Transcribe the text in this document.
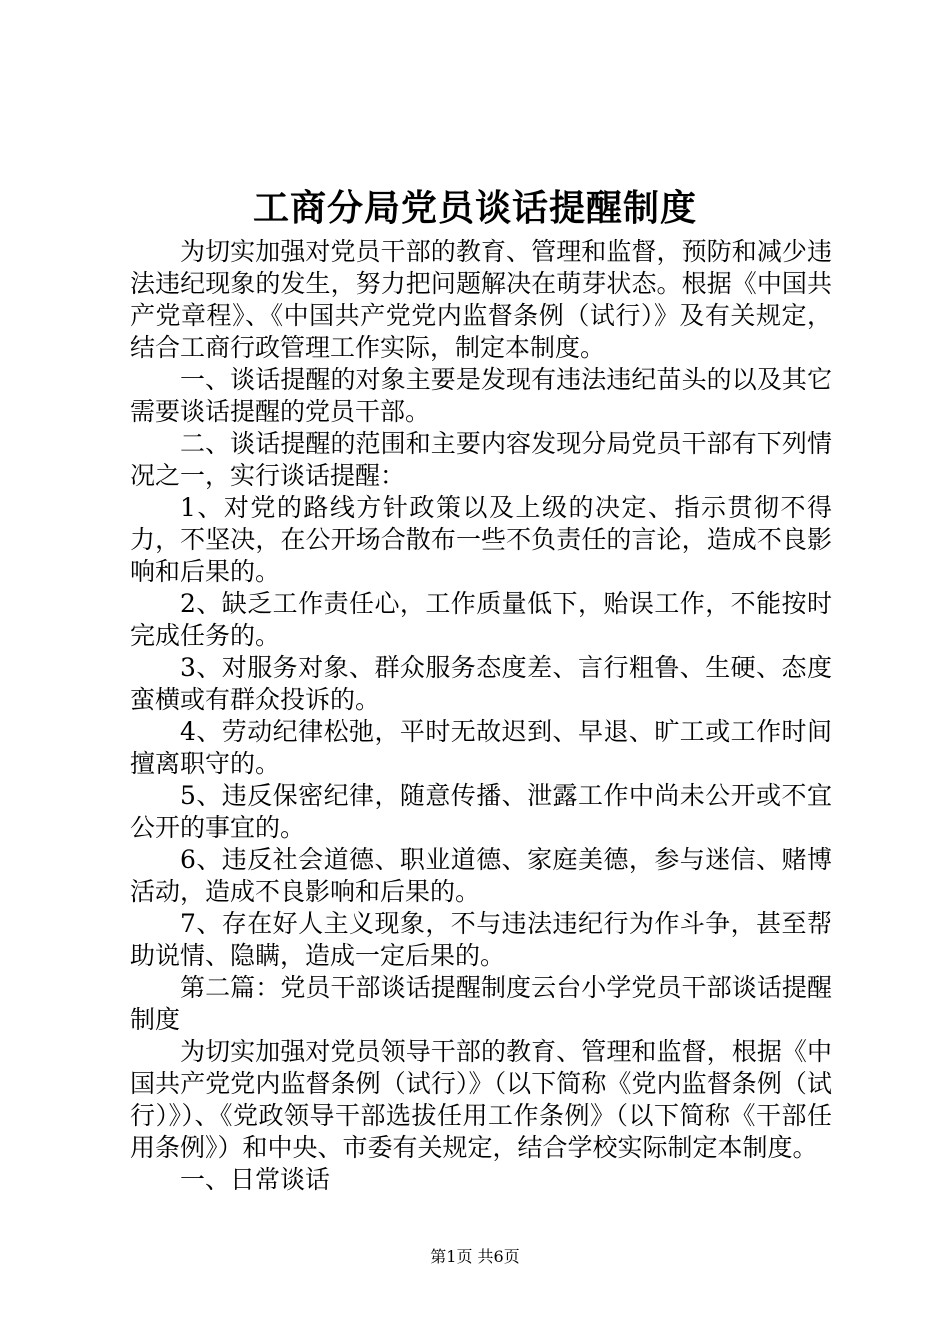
工商分局党员谈话提醒制度

为切实加强对党员干部的教育、管理和监督，预防和减少违法违纪现象的发生，努力把问题解决在萌芽状态。根据《中国共产党章程》、《中国共产党党内监督条例（试行）》及有关规定，结合工商行政管理工作实际，制定本制度。

一、谈话提醒的对象主要是发现有违法违纪苗头的以及其它需要谈话提醒的党员干部。

二、谈话提醒的范围和主要内容发现分局党员干部有下列情况之一，实行谈话提醒：

1、对党的路线方针政策以及上级的决定、指示贯彻不得力，不坚决，在公开场合散布一些不负责任的言论，造成不良影响和后果的。

2、缺乏工作责任心，工作质量低下，贻误工作，不能按时完成任务的。

3、对服务对象、群众服务态度差、言行粗鲁、生硬、态度蛮横或有群众投诉的。

4、劳动纪律松弛，平时无故迟到、早退、旷工或工作时间擅离职守的。

5、违反保密纪律，随意传播、泄露工作中尚未公开或不宜公开的事宜的。

6、违反社会道德、职业道德、家庭美德，参与迷信、赌博活动，造成不良影响和后果的。

7、存在好人主义现象，不与违法违纪行为作斗争，甚至帮助说情、隐瞒，造成一定后果的。

第二篇：党员干部谈话提醒制度云台小学党员干部谈话提醒制度

为切实加强对党员领导干部的教育、管理和监督，根据《中国共产党党内监督条例（试行）》（以下简称《党内监督条例（试行）》）、《党政领导干部选拔任用工作条例》（以下简称《干部任用条例》）和中央、市委有关规定，结合学校实际制定本制度。

一、日常谈话

第1页 共6页
